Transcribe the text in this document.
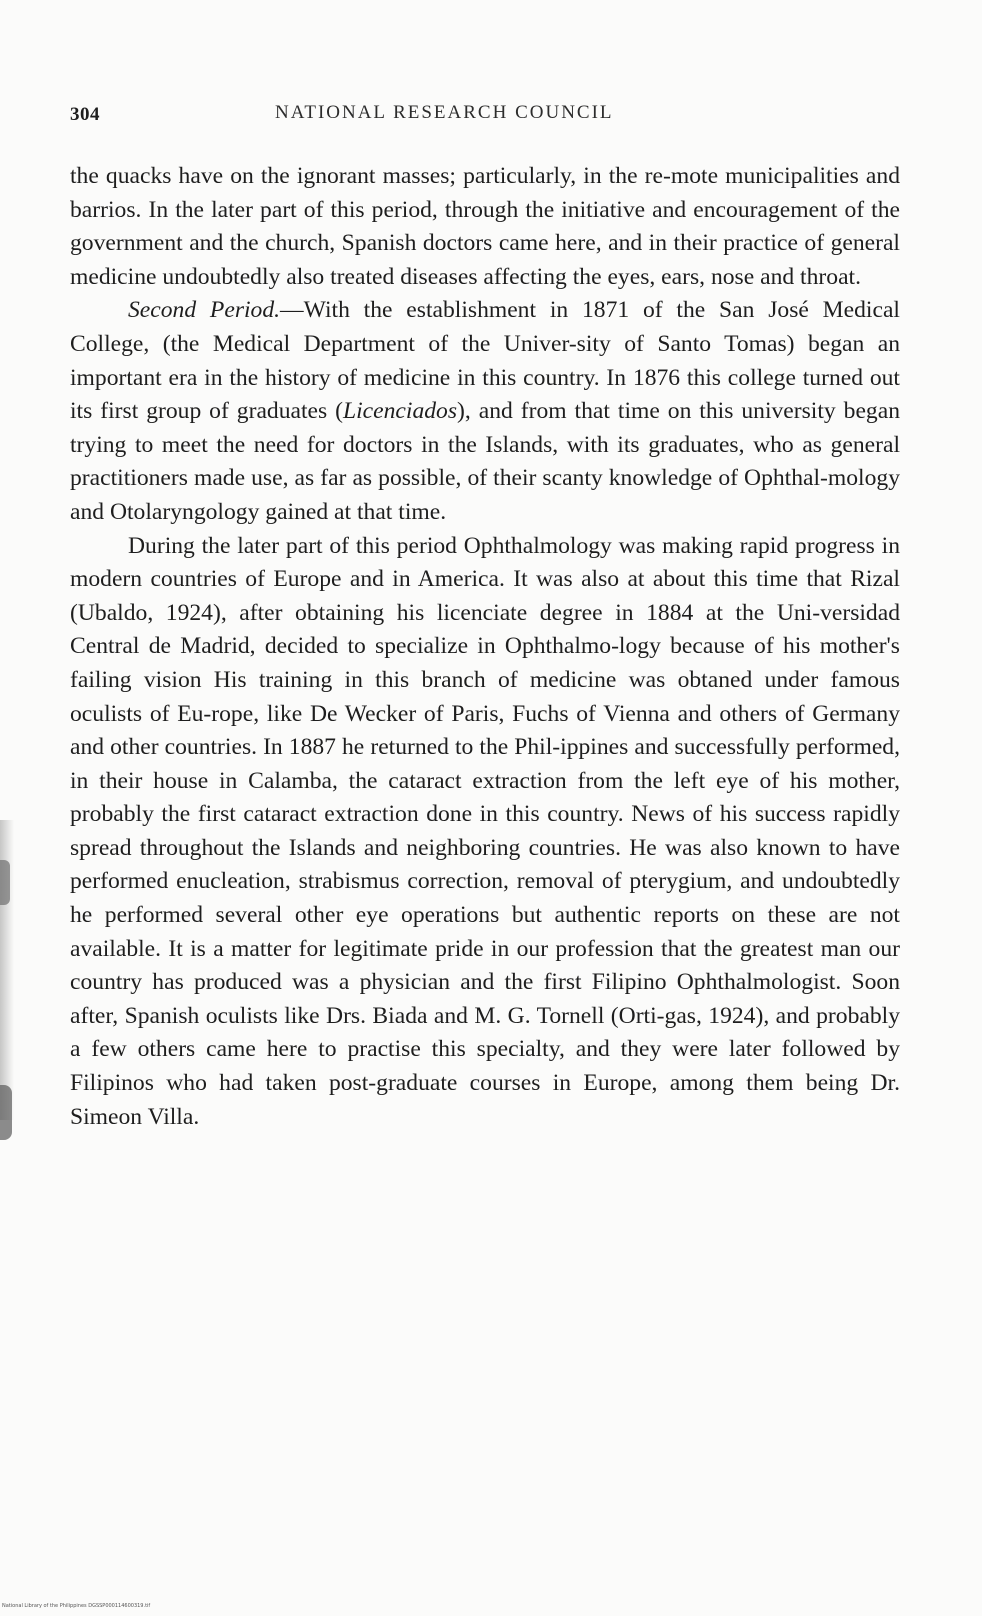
304	NATIONAL RESEARCH COUNCIL

the quacks have on the ignorant masses; particularly, in the re-mote municipalities and barrios. In the later part of this period, through the initiative and encouragement of the government and the church, Spanish doctors came here, and in their practice of general medicine undoubtedly also treated diseases affecting the eyes, ears, nose and throat.

Second Period.—With the establishment in 1871 of the San José Medical College, (the Medical Department of the Univer-sity of Santo Tomas) began an important era in the history of medicine in this country. In 1876 this college turned out its first group of graduates (Licenciados), and from that time on this university began trying to meet the need for doctors in the Islands, with its graduates, who as general practitioners made use, as far as possible, of their scanty knowledge of Ophthal-mology and Otolaryngology gained at that time.

During the later part of this period Ophthalmology was making rapid progress in modern countries of Europe and in America. It was also at about this time that Rizal (Ubaldo, 1924), after obtaining his licenciate degree in 1884 at the Uni-versidad Central de Madrid, decided to specialize in Ophthalmo-logy because of his mother's failing vision His training in this branch of medicine was obtaned under famous oculists of Eu-rope, like De Wecker of Paris, Fuchs of Vienna and others of Germany and other countries. In 1887 he returned to the Phil-ippines and successfully performed, in their house in Calamba, the cataract extraction from the left eye of his mother, probably the first cataract extraction done in this country. News of his success rapidly spread throughout the Islands and neighboring countries. He was also known to have performed enucleation, strabismus correction, removal of pterygium, and undoubtedly he performed several other eye operations but authentic reports on these are not available. It is a matter for legitimate pride in our profession that the greatest man our country has produced was a physician and the first Filipino Ophthalmologist. Soon after, Spanish oculists like Drs. Biada and M. G. Tornell (Orti-gas, 1924), and probably a few others came here to practise this specialty, and they were later followed by Filipinos who had taken post-graduate courses in Europe, among them being Dr. Simeon Villa.

National Library of the Philippines DGSSP000114600319.tif
